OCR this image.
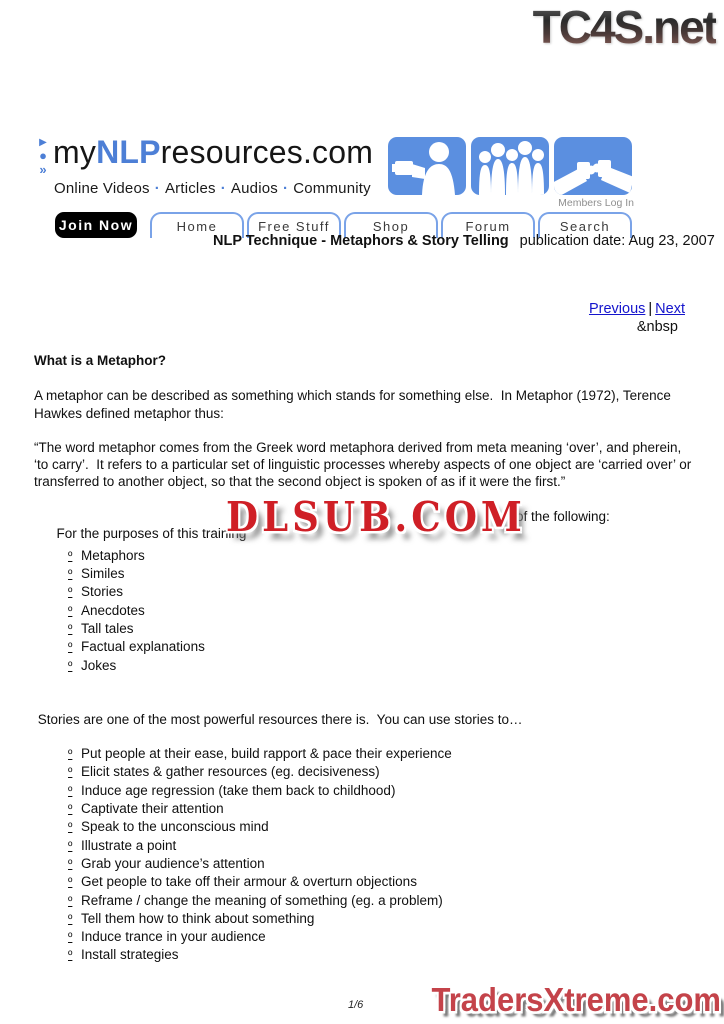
TC4S.net
▶
●
» myNLPresources.com
Online Videos · Articles · Audios · Community
Members Log In
Join Now	Home	Free Stuff	Shop	Forum	Search
NLP Technique - Metaphors & Story Telling publication date: Aug 23, 2007
Previous | Next
&nbsp
What is a Metaphor?

A metaphor can be described as something which stands for something else.  In Metaphor (1972), Terence Hawkes defined metaphor thus:

“The word metaphor comes from the Greek word metaphora derived from meta meaning ‘over’, and pherein, ‘to carry’.  It refers to a particular set of linguistic processes whereby aspects of one object are ‘carried over’ or transferred to another object, so that the second object is spoken of as if it were the first.”

For the purposes of this training

of the following:

º Metaphors
º Similes
º Stories
º Anecdotes
º Tall tales
º Factual explanations
º Jokes

Stories are one of the most powerful resources there is.  You can use stories to…

º Put people at their ease, build rapport & pace their experience
º Elicit states & gather resources (eg. decisiveness)
º Induce age regression (take them back to childhood)
º Captivate their attention
º Speak to the unconscious mind
º Illustrate a point
º Grab your audience’s attention
º Get people to take off their armour & overturn objections
º Reframe / change the meaning of something (eg. a problem)
º Tell them how to think about something
º Induce trance in your audience
º Install strategies
DLSUB.COM
1/6 TradersXtreme.com
